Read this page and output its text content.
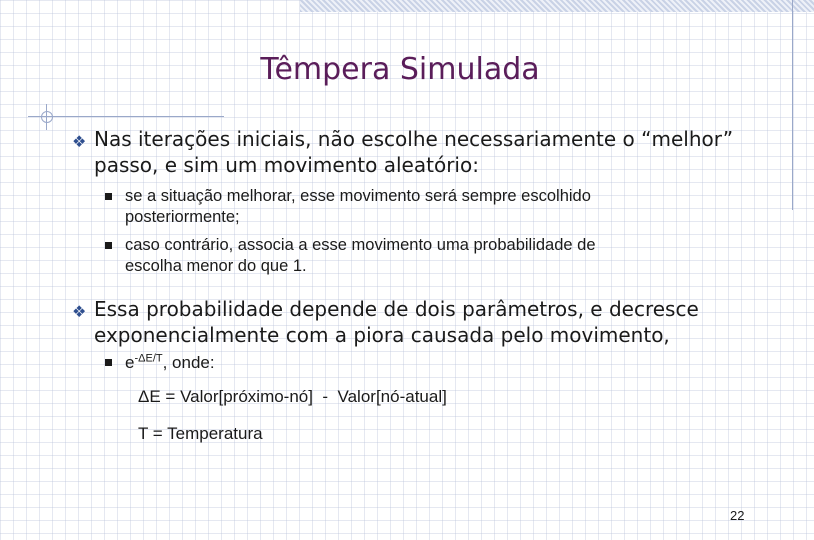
Têmpera Simulada
❖ Nas iterações iniciais, não escolhe necessariamente o “melhor”
passo, e sim um movimento aleatório:
se a situação melhorar, esse movimento será sempre escolhido
posteriormente;
caso contrário, associa a esse movimento uma probabilidade de
escolha menor do que 1.
❖ Essa probabilidade depende de dois parâmetros, e decresce
exponencialmente com a piora causada pelo movimento,
$e^{-\Delta E/T}$, onde:
ΔE = Valor[próximo-nó]  -  Valor[nó-atual]
T = Temperatura
22
